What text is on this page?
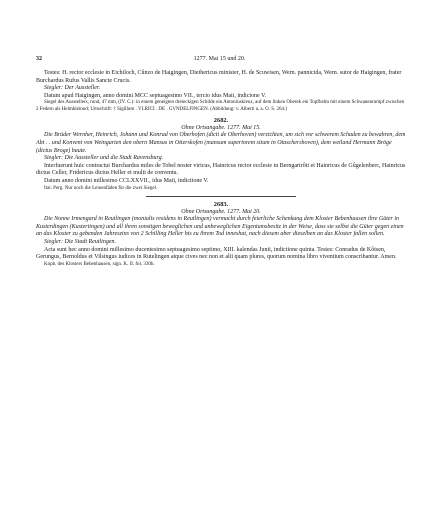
32	1277. Mai 15 und 20.

Testes: H. rector ecclesie in Eichiloch, Cûnzo de Haigingen, Diethericus minister, H. de Scuwisen, Wern. pannicida, Wern. sutor de Haigingen, frater Burchardus Rufus Vallis Sancte Crucis.

Siegler: Der Aussteller.

Datum apud Haigingen, anno domini MCC septuagesimo VII., tercio idus Maii, indicione V.

Siegel des Ausstellers, rund, 47 mm, (IV. C.): in einem geneigten dreieckigen Schilde ein Antoniuskreuz, auf dem linken Oberek ein Topfhelm mit einem Schwanenrumpf zwischen 2 Federn als Helmkleinod; Umschrift: † Sigillum . VLRICI . DE . GVNDELFINGEN. (Abbildung: v. Alberti a. a. O. S. 264.)

2682.

Ohne Ortsangabe. 1277. Mai 15.

Die Brüder Wernher, Heinrich, Johann und Konrad von Oberhofen (dicti de Oberhoven) verzichten, um sich vor schwerem Schaden zu bewahren, dem Abt . . und Konvent von Weingarten den obern Mansus in Otterskofen (mansum superiorem situm in Otaschershoven), dem weiland Hermann Bröge (dictus Broge) baute.

Siegler: Die Aussteller und die Stadt Ravensburg.

Interfuerunt huic contractui Burchardus miles de Tobel noster viricus, Hainricus rector ecclesie in Berngartrôti et Hainricus de Gûgelenberc, Hainricus dictus Celler, Fridericus dictus Heller et multi de conventu.

Datum anno domini millesimo CCLXXVII., idus Maii, indictione V.

Ital. Perg. Nur noch die Leinenfäden für die zwei Siegel.

2683.

Ohne Ortsangabe. 1277. Mai 20.

Die Nonne Irmengard in Reutlingen (monialis residens in Reutlingen) vermacht durch feierliche Schenkung dem Kloster Bebenhausen ihre Güter in Kusterdingen (Kustertingen) und all ihren sonstigen beweglichen und unbeweglichen Eigentumsbesitz in der Weise, dass sie selbst die Güter gegen einen an das Kloster zu gebenden Jahreszins von 2 Schilling Heller bis zu ihrem Tod inneshat, nach diesem aber dieselben an das Kloster fallen sollen.

Siegler: Die Stadt Reutlingen.

Acta sunt hec anno domini millesimo ducentesimo septuagesimo septimo, XIII. kalendas Junii, indictione quinta. Testes: Conradus de Kôtsen, Gerungus, Bernoldus et Vilsingus iudices in Rutelingen atque cives nec non et alii quam plures, quorum nomina libro viventium conscribantur. Amen.

Kopb. des Klosters Bebenhausen, sign. K. II. fol. 330b.
